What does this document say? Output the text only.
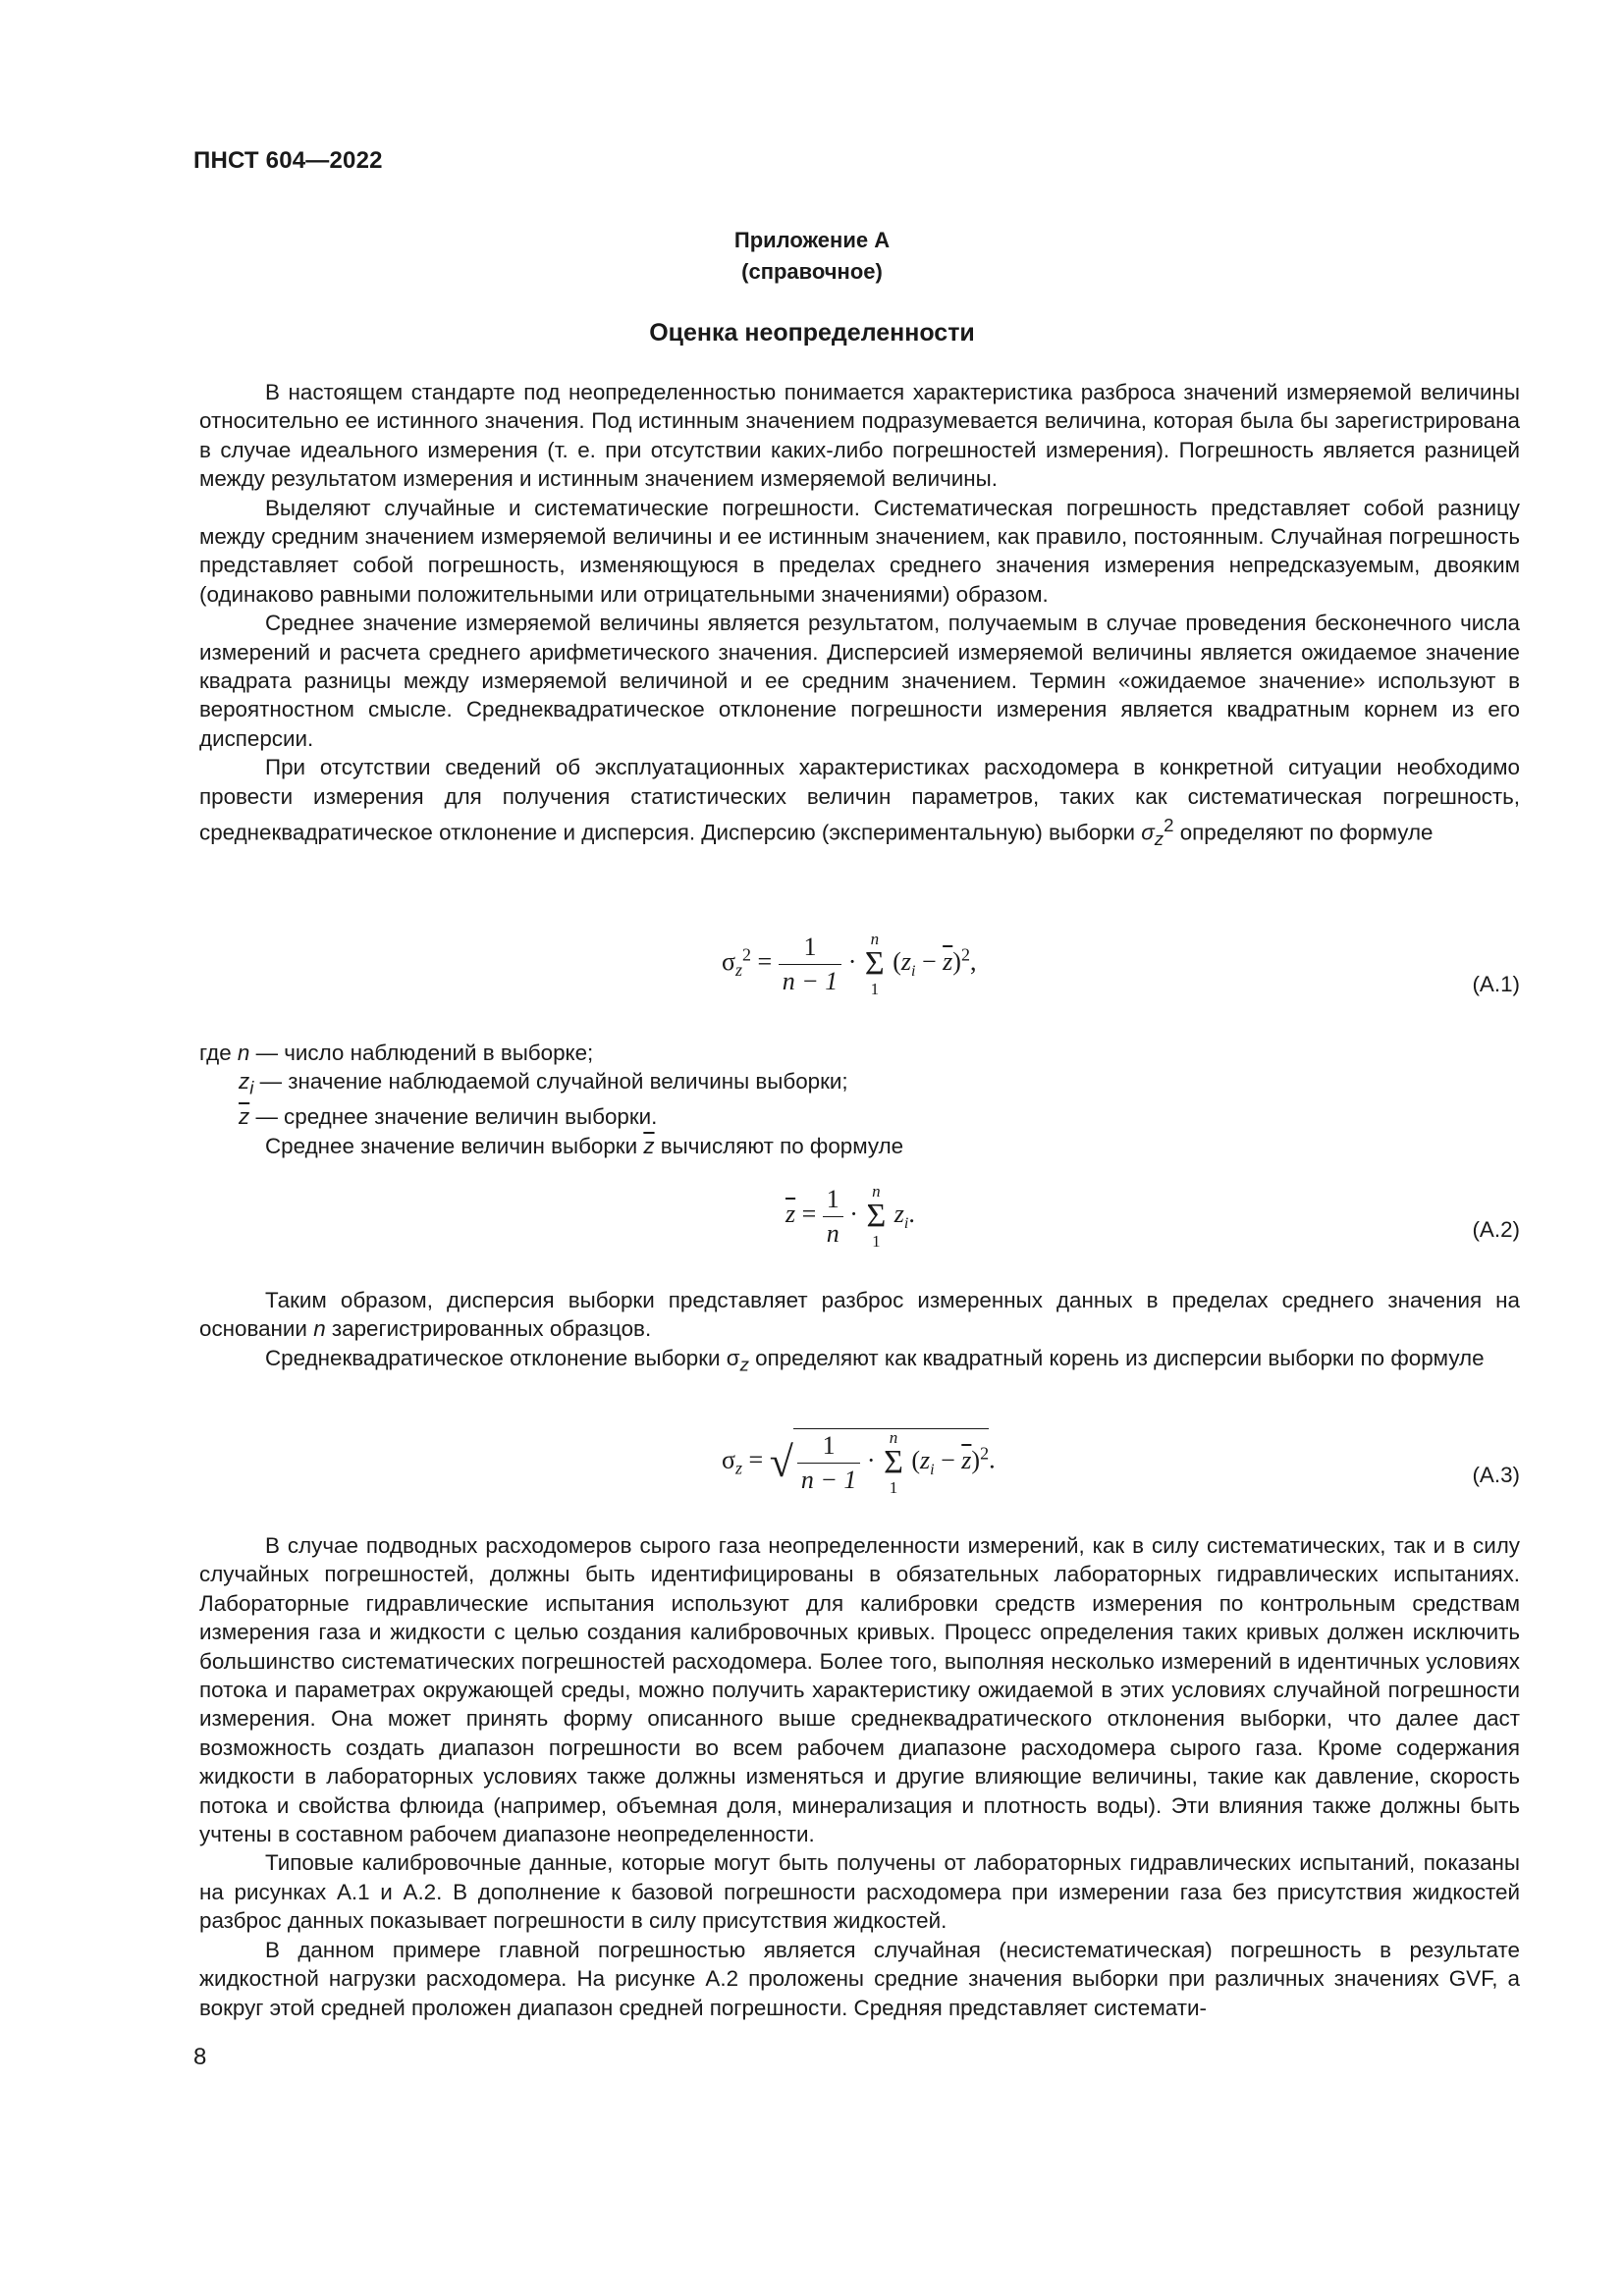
ПНСТ 604—2022
Приложение А
(справочное)
Оценка неопределенности

В настоящем стандарте под неопределенностью понимается характеристика разброса значений измеряемой величины относительно ее истинного значения. Под истинным значением подразумевается величина, которая была бы зарегистрирована в случае идеального измерения (т. е. при отсутствии каких-либо погрешностей измерения). Погрешность является разницей между результатом измерения и истинным значением измеряемой величины.

Выделяют случайные и систематические погрешности. Систематическая погрешность представляет собой разницу между средним значением измеряемой величины и ее истинным значением, как правило, постоянным. Случайная погрешность представляет собой погрешность, изменяющуюся в пределах среднего значения измерения непредсказуемым, двояким (одинаково равными положительными или отрицательными значениями) образом.

Среднее значение измеряемой величины является результатом, получаемым в случае проведения бесконечного числа измерений и расчета среднего арифметического значения. Дисперсией измеряемой величины является ожидаемое значение квадрата разницы между измеряемой величиной и ее средним значением. Термин «ожидаемое значение» используют в вероятностном смысле. Среднеквадратическое отклонение погрешности измерения является квадратным корнем из его дисперсии.

При отсутствии сведений об эксплуатационных характеристиках расходомера в конкретной ситуации необходимо провести измерения для получения статистических величин параметров, таких как систематическая погрешность, среднеквадратическое отклонение и дисперсия. Дисперсию (экспериментальную) выборки $\sigma_z^2$ определяют по формуле

$\sigma_z^2 = \frac{1}{n - 1}$ ·
n
Σ
1
$(z_i - \overline{z})^2$,
(А.1)
где n — число наблюдений в выборке;
$z_i$ — значение наблюдаемой случайной величины выборки;
$\overline{z}$ — среднее значение величин выборки.
Среднее значение величин выборки $\overline{z}$ вычисляют по формуле
$\overline{z} = \frac{1}{n}$ ·
n
Σ
1
$z_i$.
(А.2)

Таким образом, дисперсия выборки представляет разброс измеренных данных в пределах среднего значения на основании n зарегистрированных образцов.

Среднеквадратическое отклонение выборки $\sigma_z$ определяют как квадратный корень из дисперсии выборки по формуле

$\sigma_z$ = √ $\frac{1}{n - 1}$ ·
n
Σ
1
$(z_i - \overline{z})^2$.
(А.3)

В случае подводных расходомеров сырого газа неопределенности измерений, как в силу систематических, так и в силу случайных погрешностей, должны быть идентифицированы в обязательных лабораторных гидравлических испытаниях. Лабораторные гидравлические испытания используют для калибровки средств измерения по контрольным средствам измерения газа и жидкости с целью создания калибровочных кривых. Процесс определения таких кривых должен исключить большинство систематических погрешностей расходомера. Более того, выполняя несколько измерений в идентичных условиях потока и параметрах окружающей среды, можно получить характеристику ожидаемой в этих условиях случайной погрешности измерения. Она может принять форму описанного выше среднеквадратического отклонения выборки, что далее даст возможность создать диапазон погрешности во всем рабочем диапазоне расходомера сырого газа. Кроме содержания жидкости в лабораторных условиях также должны изменяться и другие влияющие величины, такие как давление, скорость потока и свойства флюида (например, объемная доля, минерализация и плотность воды). Эти влияния также должны быть учтены в составном рабочем диапазоне неопределенности.

Типовые калибровочные данные, которые могут быть получены от лабораторных гидравлических испытаний, показаны на рисунках А.1 и А.2. В дополнение к базовой погрешности расходомера при измерении газа без присутствия жидкостей разброс данных показывает погрешности в силу присутствия жидкостей.

В данном примере главной погрешностью является случайная (несистематическая) погрешность в результате жидкостной нагрузки расходомера. На рисунке А.2 проложены средние значения выборки при различных значениях GVF, а вокруг этой средней проложен диапазон средней погрешности. Средняя представляет системати-

8
